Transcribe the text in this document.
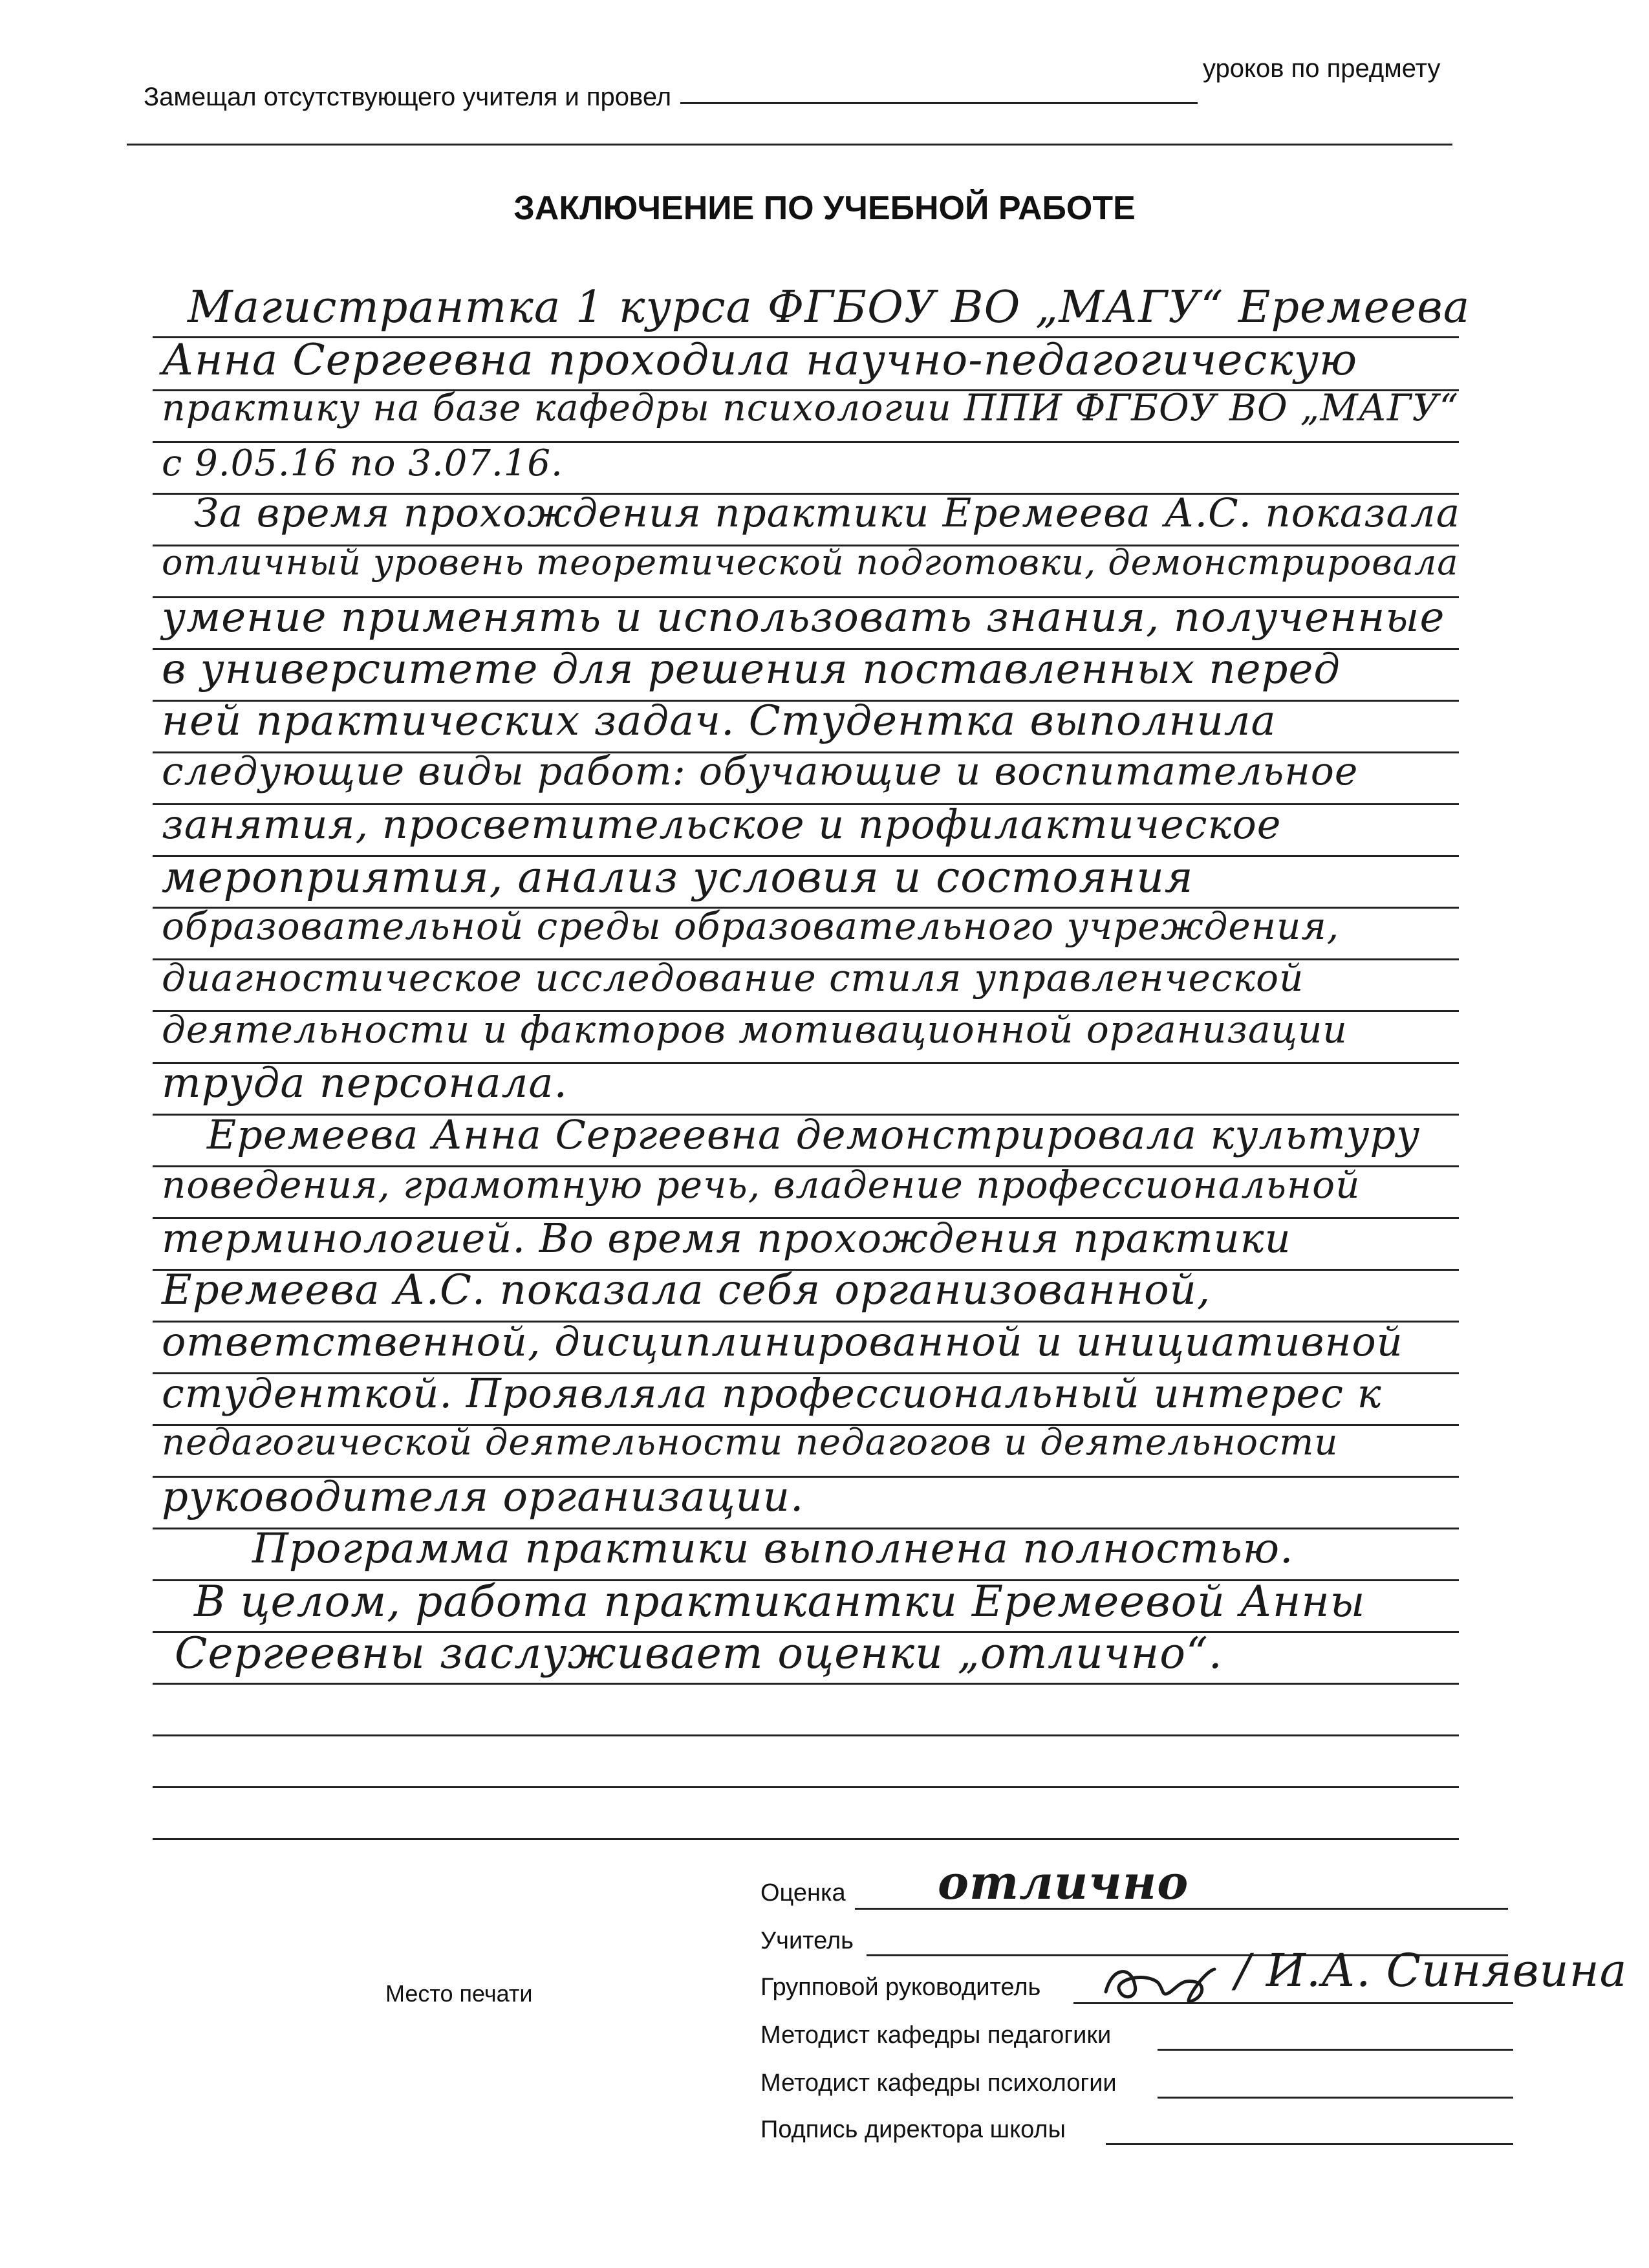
Замещал отсутствующего учителя и провел
уроков по предмету
ЗАКЛЮЧЕНИЕ ПО УЧЕБНОЙ РАБОТЕ
Магистрантка 1 курса ФГБОУ ВО „МАГУ“ Еремеева
Анна Сергеевна проходила научно-педагогическую
практику на базе кафедры психологии ППИ ФГБОУ ВО „МАГУ“
с 9.05.16 по 3.07.16.
За время прохождения практики Еремеева А.С. показала
отличный уровень теоретической подготовки, демонстрировала
умение применять и использовать знания, полученные
в университете для решения поставленных перед
ней практических задач. Студентка выполнила
следующие виды работ: обучающие и воспитательное
занятия, просветительское и профилактическое
мероприятия, анализ условия и состояния
образовательной среды образовательного учреждения,
диагностическое исследование стиля управленческой
деятельности и факторов мотивационной организации
труда персонала.
Еремеева Анна Сергеевна демонстрировала культуру
поведения, грамотную речь, владение профессиональной
терминологией. Во время прохождения практики
Еремеева А.С. показала себя организованной,
ответственной, дисциплинированной и инициативной
студенткой. Проявляла профессиональный интерес к
педагогической деятельности педагогов и деятельности
руководителя организации.
Программа практики выполнена полностью.
В целом, работа практикантки Еремеевой Анны
Сергеевны заслуживает оценки „отлично“.
Оценка отлично
Учитель
Место печати	Групповой руководитель	/ И.А. Синявина
Методист кафедры педагогики
Методист кафедры психологии
Подпись директора школы
